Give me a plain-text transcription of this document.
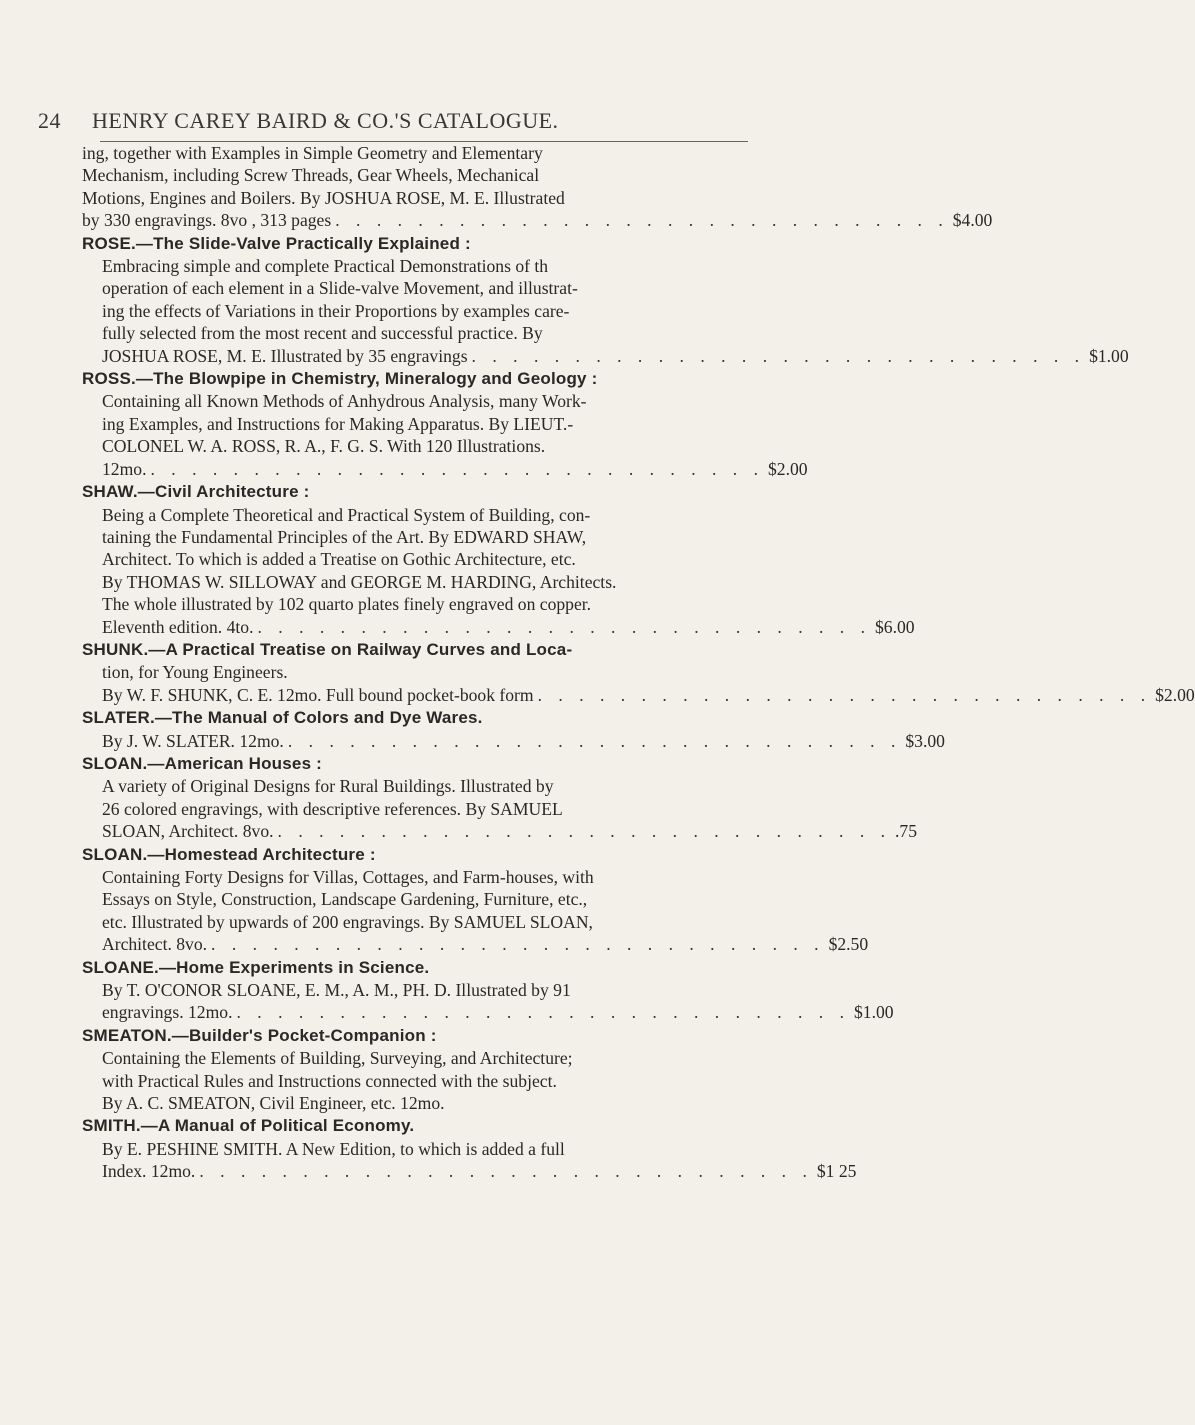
24 HENRY CAREY BAIRD & CO.'S CATALOGUE.
ing, together with Examples in Simple Geometry and Elementary
Mechanism, including Screw Threads, Gear Wheels, Mechanical
Motions, Engines and Boilers. By JOSHUA ROSE, M. E. Illustrated
by 330 engravings. 8vo , 313 pages . . . . . . . . . . . . . . . . . . . . . . . . . . . . . . $4.00
ROSE.—The Slide-Valve Practically Explained :
Embracing simple and complete Practical Demonstrations of th
operation of each element in a Slide-valve Movement, and illustrat-
ing the effects of Variations in their Proportions by examples care-
fully selected from the most recent and successful practice. By
JOSHUA ROSE, M. E. Illustrated by 35 engravings . . . . . . . . . . . . . . . . . . . . . . . . . . . . . . $1.00
ROSS.—The Blowpipe in Chemistry, Mineralogy and Geology :
Containing all Known Methods of Anhydrous Analysis, many Work-
ing Examples, and Instructions for Making Apparatus. By LIEUT.-
COLONEL W. A. ROSS, R. A., F. G. S. With 120 Illustrations.
12mo. . . . . . . . . . . . . . . . . . . . . . . . . . . . . . . $2.00
SHAW.—Civil Architecture :
Being a Complete Theoretical and Practical System of Building, con-
taining the Fundamental Principles of the Art. By EDWARD SHAW,
Architect. To which is added a Treatise on Gothic Architecture, etc.
By THOMAS W. SILLOWAY and GEORGE M. HARDING, Architects.
The whole illustrated by 102 quarto plates finely engraved on copper.
Eleventh edition. 4to. . . . . . . . . . . . . . . . . . . . . . . . . . . . . . . $6.00
SHUNK.—A Practical Treatise on Railway Curves and Loca-
tion, for Young Engineers.
By W. F. SHUNK, C. E. 12mo. Full bound pocket-book form . . . . . . . . . . . . . . . . . . . . . . . . . . . . . . $2.00
SLATER.—The Manual of Colors and Dye Wares.
By J. W. SLATER. 12mo. . . . . . . . . . . . . . . . . . . . . . . . . . . . . . . $3.00
SLOAN.—American Houses :
A variety of Original Designs for Rural Buildings. Illustrated by
26 colored engravings, with descriptive references. By SAMUEL
SLOAN, Architect. 8vo. . . . . . . . . . . . . . . . . . . . . . . . . . . . . . . .75
SLOAN.—Homestead Architecture :
Containing Forty Designs for Villas, Cottages, and Farm-houses, with
Essays on Style, Construction, Landscape Gardening, Furniture, etc.,
etc. Illustrated by upwards of 200 engravings. By SAMUEL SLOAN,
Architect. 8vo. . . . . . . . . . . . . . . . . . . . . . . . . . . . . . . $2.50
SLOANE.—Home Experiments in Science.
By T. O'CONOR SLOANE, E. M., A. M., PH. D. Illustrated by 91
engravings. 12mo. . . . . . . . . . . . . . . . . . . . . . . . . . . . . . . $1.00
SMEATON.—Builder's Pocket-Companion :
Containing the Elements of Building, Surveying, and Architecture;
with Practical Rules and Instructions connected with the subject.
By A. C. SMEATON, Civil Engineer, etc. 12mo.
SMITH.—A Manual of Political Economy.
By E. PESHINE SMITH. A New Edition, to which is added a full
Index. 12mo. . . . . . . . . . . . . . . . . . . . . . . . . . . . . . . $1 25
